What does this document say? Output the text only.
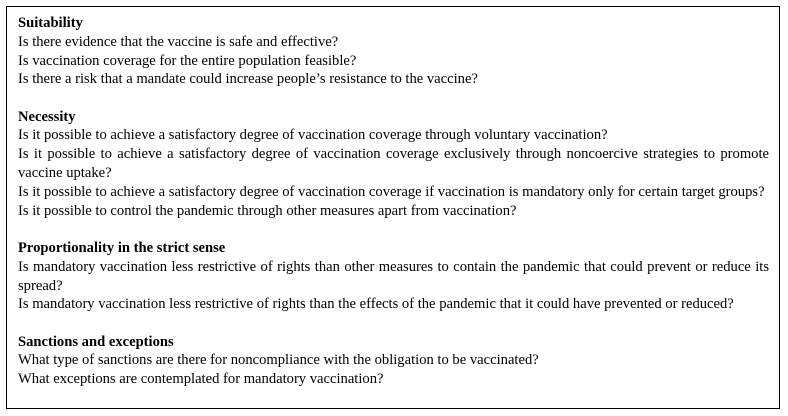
Suitability

Is there evidence that the vaccine is safe and effective?

Is vaccination coverage for the entire population feasible?

Is there a risk that a mandate could increase people’s resistance to the vaccine?

Necessity

Is it possible to achieve a satisfactory degree of vaccination coverage through voluntary vaccination?

Is it possible to achieve a satisfactory degree of vaccination coverage exclusively through noncoercive strategies to promote vaccine uptake?

Is it possible to achieve a satisfactory degree of vaccination coverage if vaccination is mandatory only for certain target groups?

Is it possible to control the pandemic through other measures apart from vaccination?

Proportionality in the strict sense

Is mandatory vaccination less restrictive of rights than other measures to contain the pandemic that could prevent or reduce its spread?

Is mandatory vaccination less restrictive of rights than the effects of the pandemic that it could have prevented or reduced?

Sanctions and exceptions

What type of sanctions are there for noncompliance with the obligation to be vaccinated?

What exceptions are contemplated for mandatory vaccination?
